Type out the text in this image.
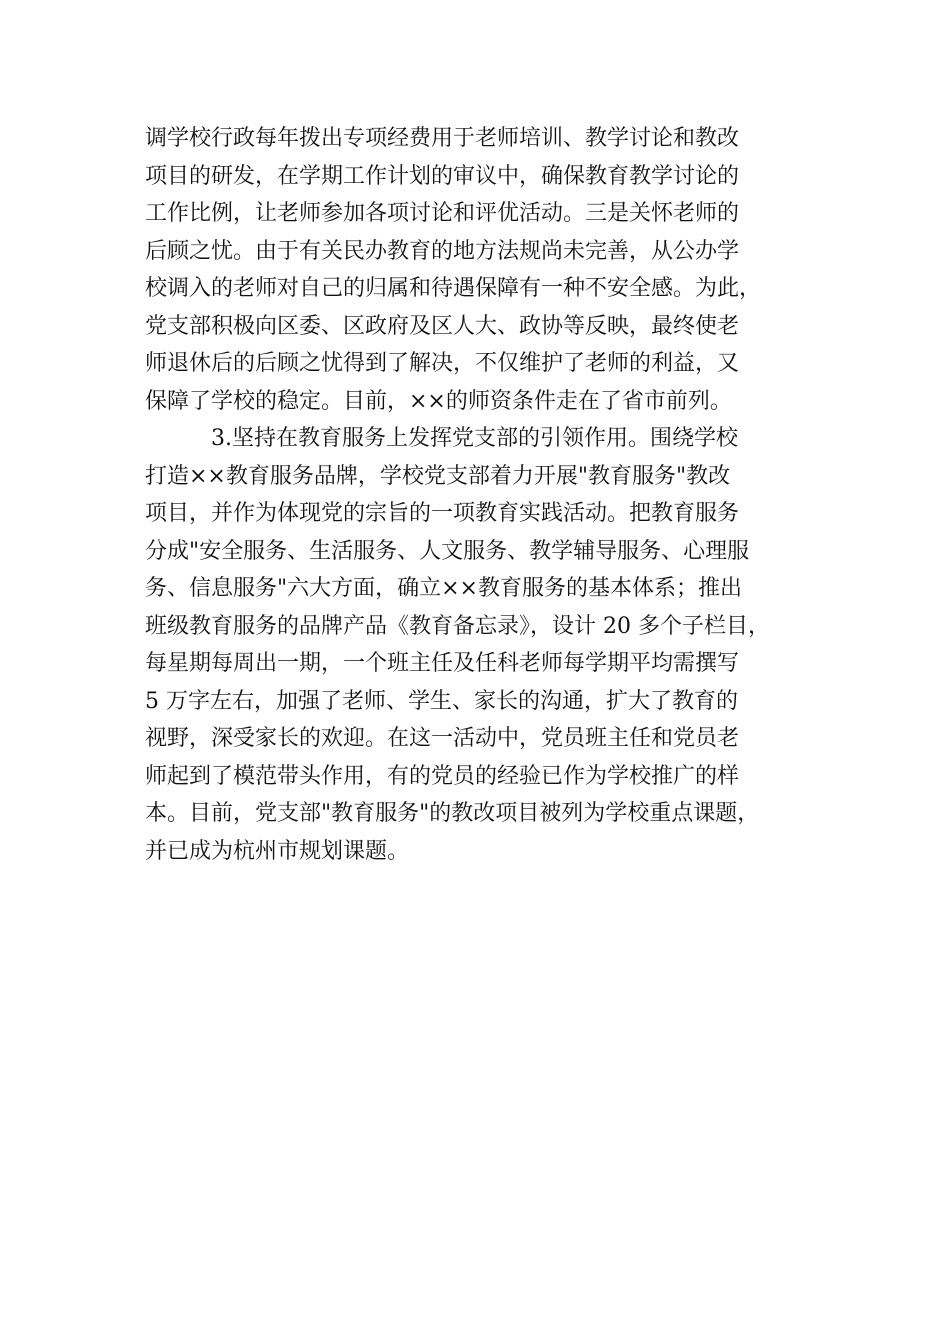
调学校行政每年拨出专项经费用于老师培训、教学讨论和教改
项目的研发，在学期工作计划的审议中，确保教育教学讨论的
工作比例，让老师参加各项讨论和评优活动。三是关怀老师的
后顾之忧。由于有关民办教育的地方法规尚未完善，从公办学
校调入的老师对自己的归属和待遇保障有一种不安全感。为此，
党支部积极向区委、区政府及区人大、政协等反映，最终使老
师退休后的后顾之忧得到了解决，不仅维护了老师的利益，又
保障了学校的稳定。目前，××的师资条件走在了省市前列。
3.坚持在教育服务上发挥党支部的引领作用。围绕学校
打造××教育服务品牌，学校党支部着力开展"教育服务"教改
项目，并作为体现党的宗旨的一项教育实践活动。把教育服务
分成"安全服务、生活服务、人文服务、教学辅导服务、心理服
务、信息服务"六大方面，确立××教育服务的基本体系；推出
班级教育服务的品牌产品《教育备忘录》，设计 20 多个子栏目，
每星期每周出一期，一个班主任及任科老师每学期平均需撰写
5 万字左右，加强了老师、学生、家长的沟通，扩大了教育的
视野，深受家长的欢迎。在这一活动中，党员班主任和党员老
师起到了模范带头作用，有的党员的经验已作为学校推广的样
本。目前，党支部"教育服务"的教改项目被列为学校重点课题，
并已成为杭州市规划课题。
